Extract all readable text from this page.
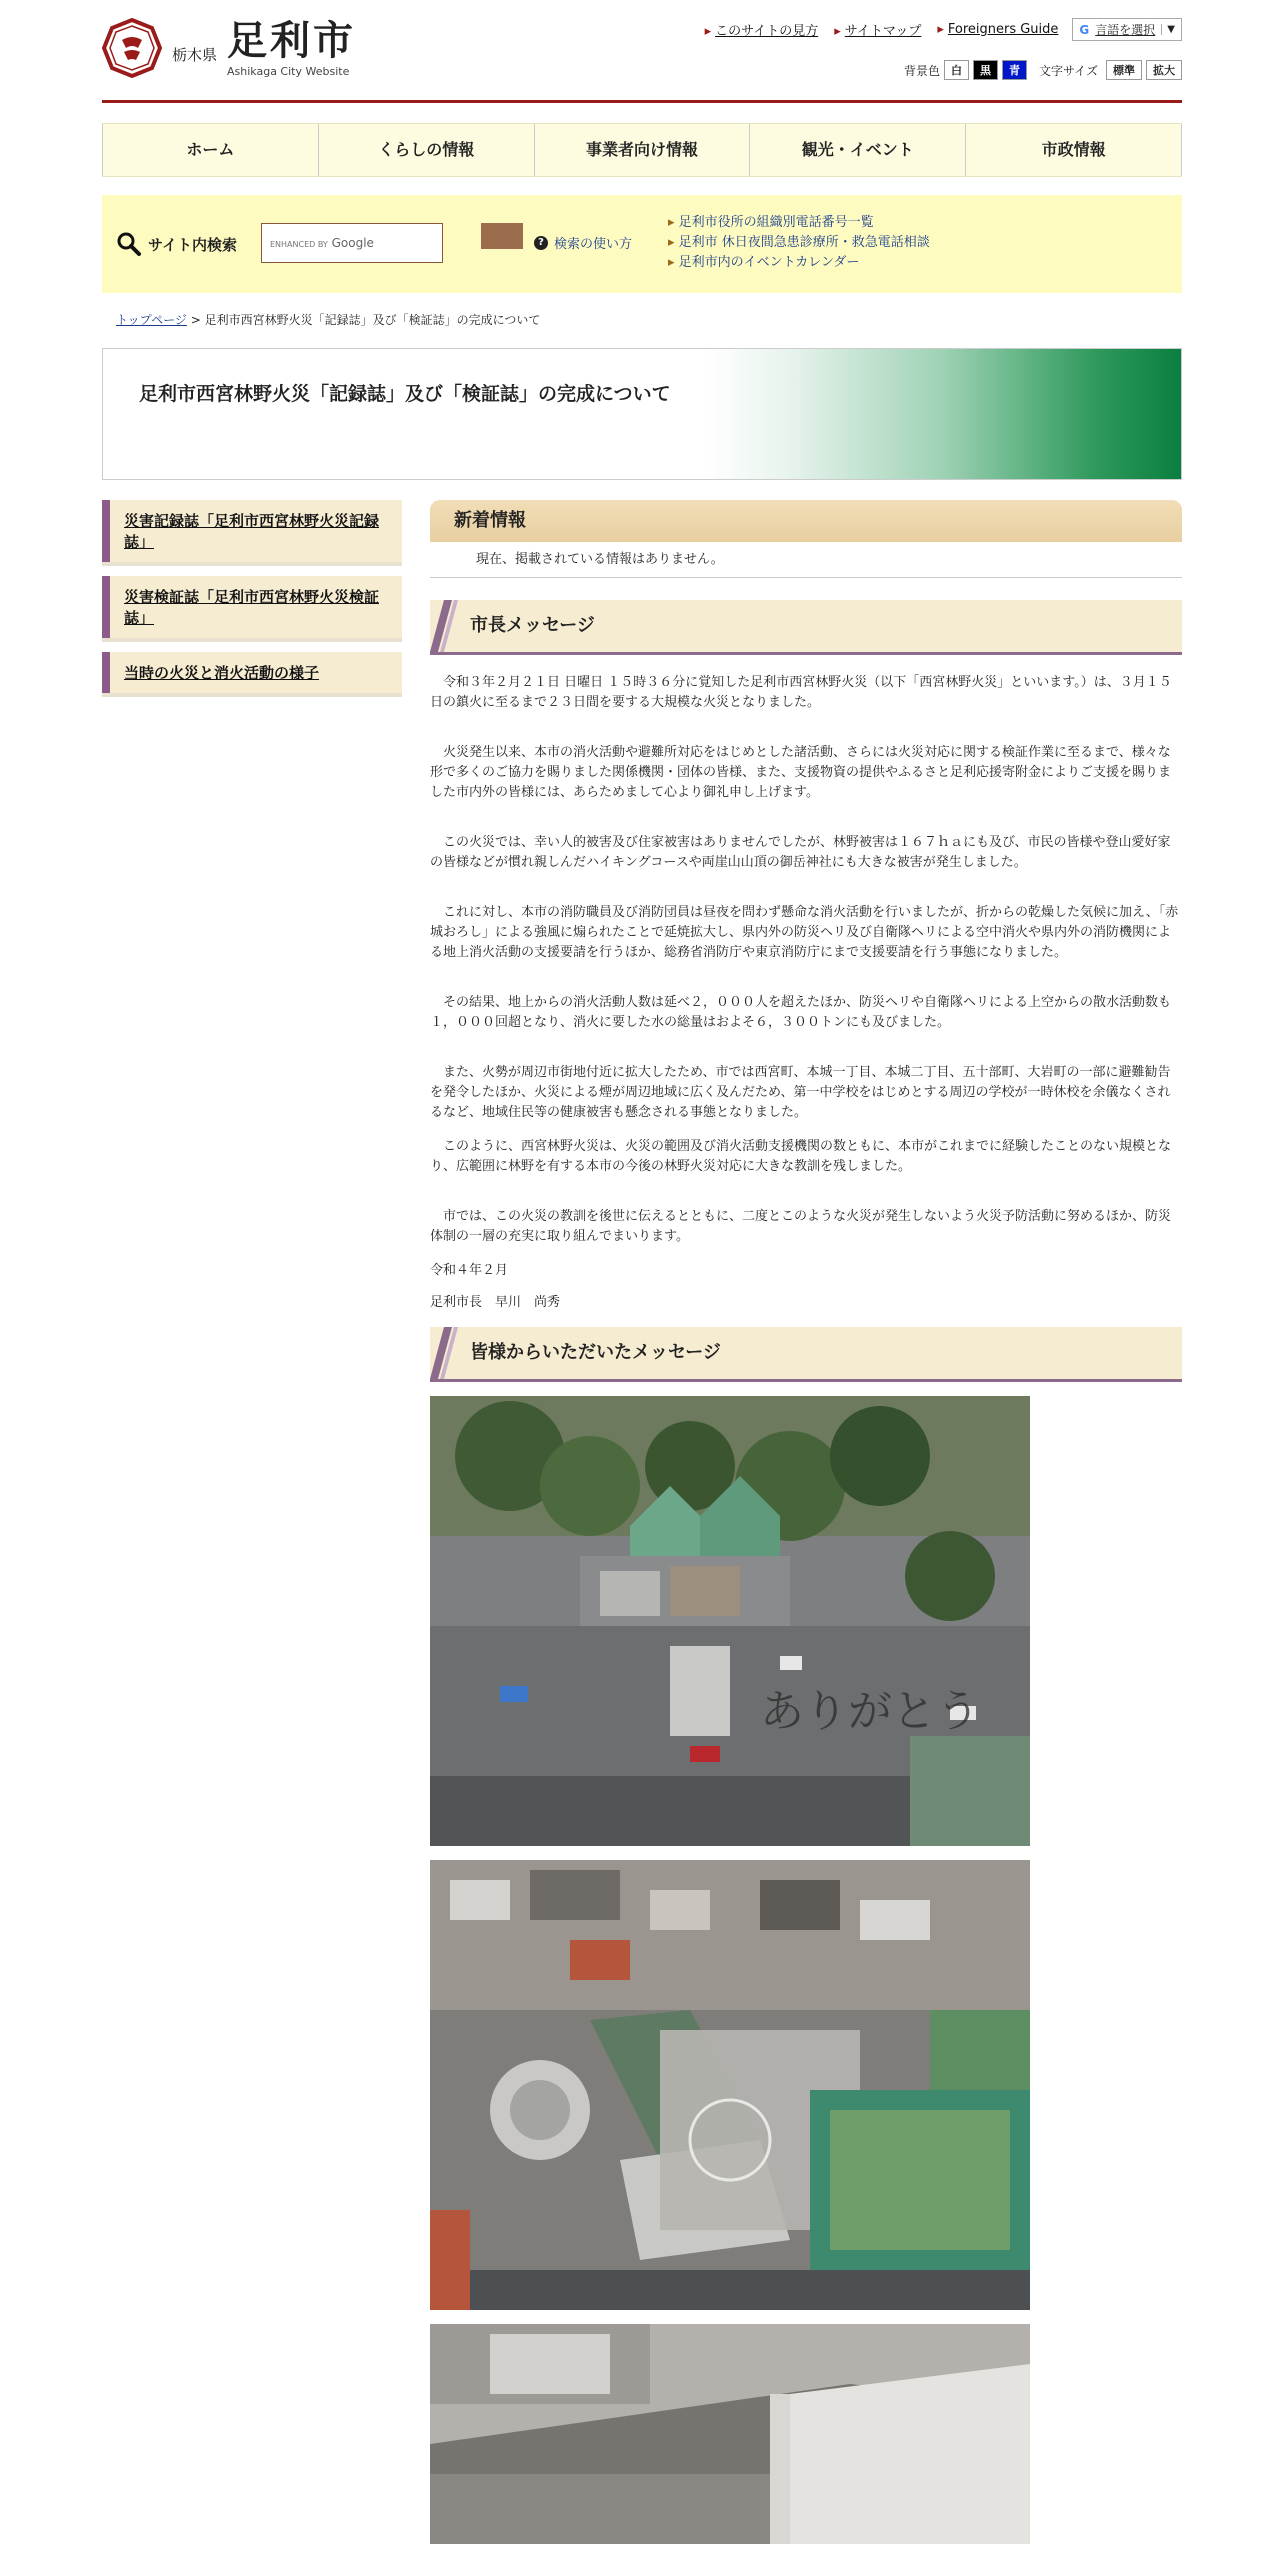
栃木県 足利市
Ashikaga City Website
▸ このサイトの見方	▸ サイトマップ	▸ Foreigners Guide G 言語を選択	▼
背景色	白	黒	青	文字サイズ	標準	拡大
ホーム	くらしの情報	事業者向け情報	観光・イベント	市政情報
サイト内検索	ENHANCED BY Google	? 検索の使い方
▸ 足利市役所の組織別電話番号一覧
▸ 足利市 休日夜間急患診療所・救急電話相談
▸ 足利市内のイベントカレンダー
トップページ > 足利市西宮林野火災「記録誌」及び「検証誌」の完成について
足利市西宮林野火災「記録誌」及び「検証誌」の完成について
災害記録誌「足利市西宮林野火災記録誌」
災害検証誌「足利市西宮林野火災検証誌」
当時の火災と消火活動の様子
新着情報
現在、掲載されている情報はありません。
市長メッセージ

令和３年２月２１日 日曜日 １５時３６分に覚知した足利市西宮林野火災（以下「西宮林野火災」といいます。）は、３月１５日の鎮火に至るまで２３日間を要する大規模な火災となりました。

火災発生以来、本市の消火活動や避難所対応をはじめとした諸活動、さらには火災対応に関する検証作業に至るまで、様々な形で多くのご協力を賜りました関係機関・団体の皆様、また、支援物資の提供やふるさと足利応援寄附金によりご支援を賜りました市内外の皆様には、あらためまして心より御礼申し上げます。

この火災では、幸い人的被害及び住家被害はありませんでしたが、林野被害は１６７ｈａにも及び、市民の皆様や登山愛好家の皆様などが慣れ親しんだハイキングコースや両崖山山頂の御岳神社にも大きな被害が発生しました。

これに対し、本市の消防職員及び消防団員は昼夜を問わず懸命な消火活動を行いましたが、折からの乾燥した気候に加え、「赤城おろし」による強風に煽られたことで延焼拡大し、県内外の防災ヘリ及び自衛隊ヘリによる空中消火や県内外の消防機関による地上消火活動の支援要請を行うほか、総務省消防庁や東京消防庁にまで支援要請を行う事態になりました。

その結果、地上からの消火活動人数は延べ２，０００人を超えたほか、防災ヘリや自衛隊ヘリによる上空からの散水活動数も１，０００回超となり、消火に要した水の総量はおよそ６，３００トンにも及びました。

また、火勢が周辺市街地付近に拡大したため、市では西宮町、本城一丁目、本城二丁目、五十部町、大岩町の一部に避難勧告を発令したほか、火災による煙が周辺地域に広く及んだため、第一中学校をはじめとする周辺の学校が一時休校を余儀なくされるなど、地域住民等の健康被害も懸念される事態となりました。

このように、西宮林野火災は、火災の範囲及び消火活動支援機関の数ともに、本市がこれまでに経験したことのない規模となり、広範囲に林野を有する本市の今後の林野火災対応に大きな教訓を残しました。

市では、この火災の教訓を後世に伝えるとともに、二度とこのような火災が発生しないよう火災予防活動に努めるほか、防災体制の一層の充実に取り組んでまいります。

令和４年２月

足利市長　早川　尚秀

皆様からいただいたメッセージ
ありがとう
